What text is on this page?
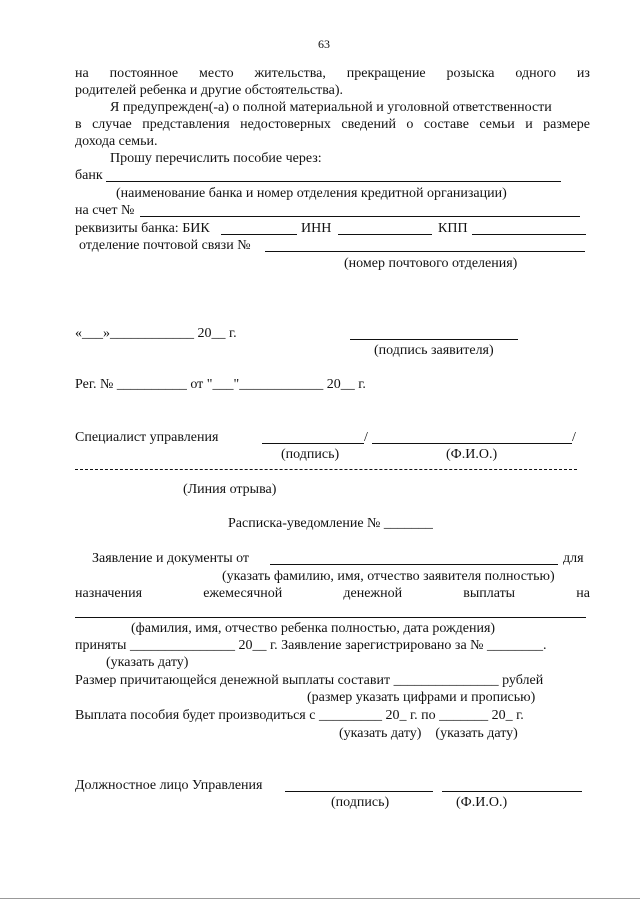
63
на постоянное место жительства, прекращение розыска одного из
родителей ребенка и другие обстоятельства).
Я предупрежден(-а) о полной материальной и уголовной ответственности
в случае представления недостоверных сведений о составе семьи и размере
дохода семьи.
Прошу перечислить пособие через:
банк
(наименование банка и номер отделения кредитной организации)
на счет №
реквизиты банка: БИК	ИНН	КПП
отделение почтовой связи №
(номер почтового отделения)
«___»____________ 20__ г.
(подпись заявителя)
Рег. № __________ от "___"____________ 20__ г.
Специалист управления	/	/
(подпись)	(Ф.И.О.)
(Линия отрыва)
Расписка-уведомление № _______
Заявление и документы от	для
(указать фамилию, имя, отчество заявителя полностью)
назначения	ежемесячной	денежной	выплаты	на
(фамилия, имя, отчество ребенка полностью, дата рождения)
приняты _______________ 20__ г. Заявление зарегистрировано за № ________.
(указать дату)
Размер причитающейся денежной выплаты составит _______________ рублей
(размер указать цифрами и прописью)
Выплата пособия будет производиться с _________ 20_ г. по _______ 20_ г.
(указать дату)    (указать дату)
Должностное лицо Управления
(подпись)	(Ф.И.О.)
